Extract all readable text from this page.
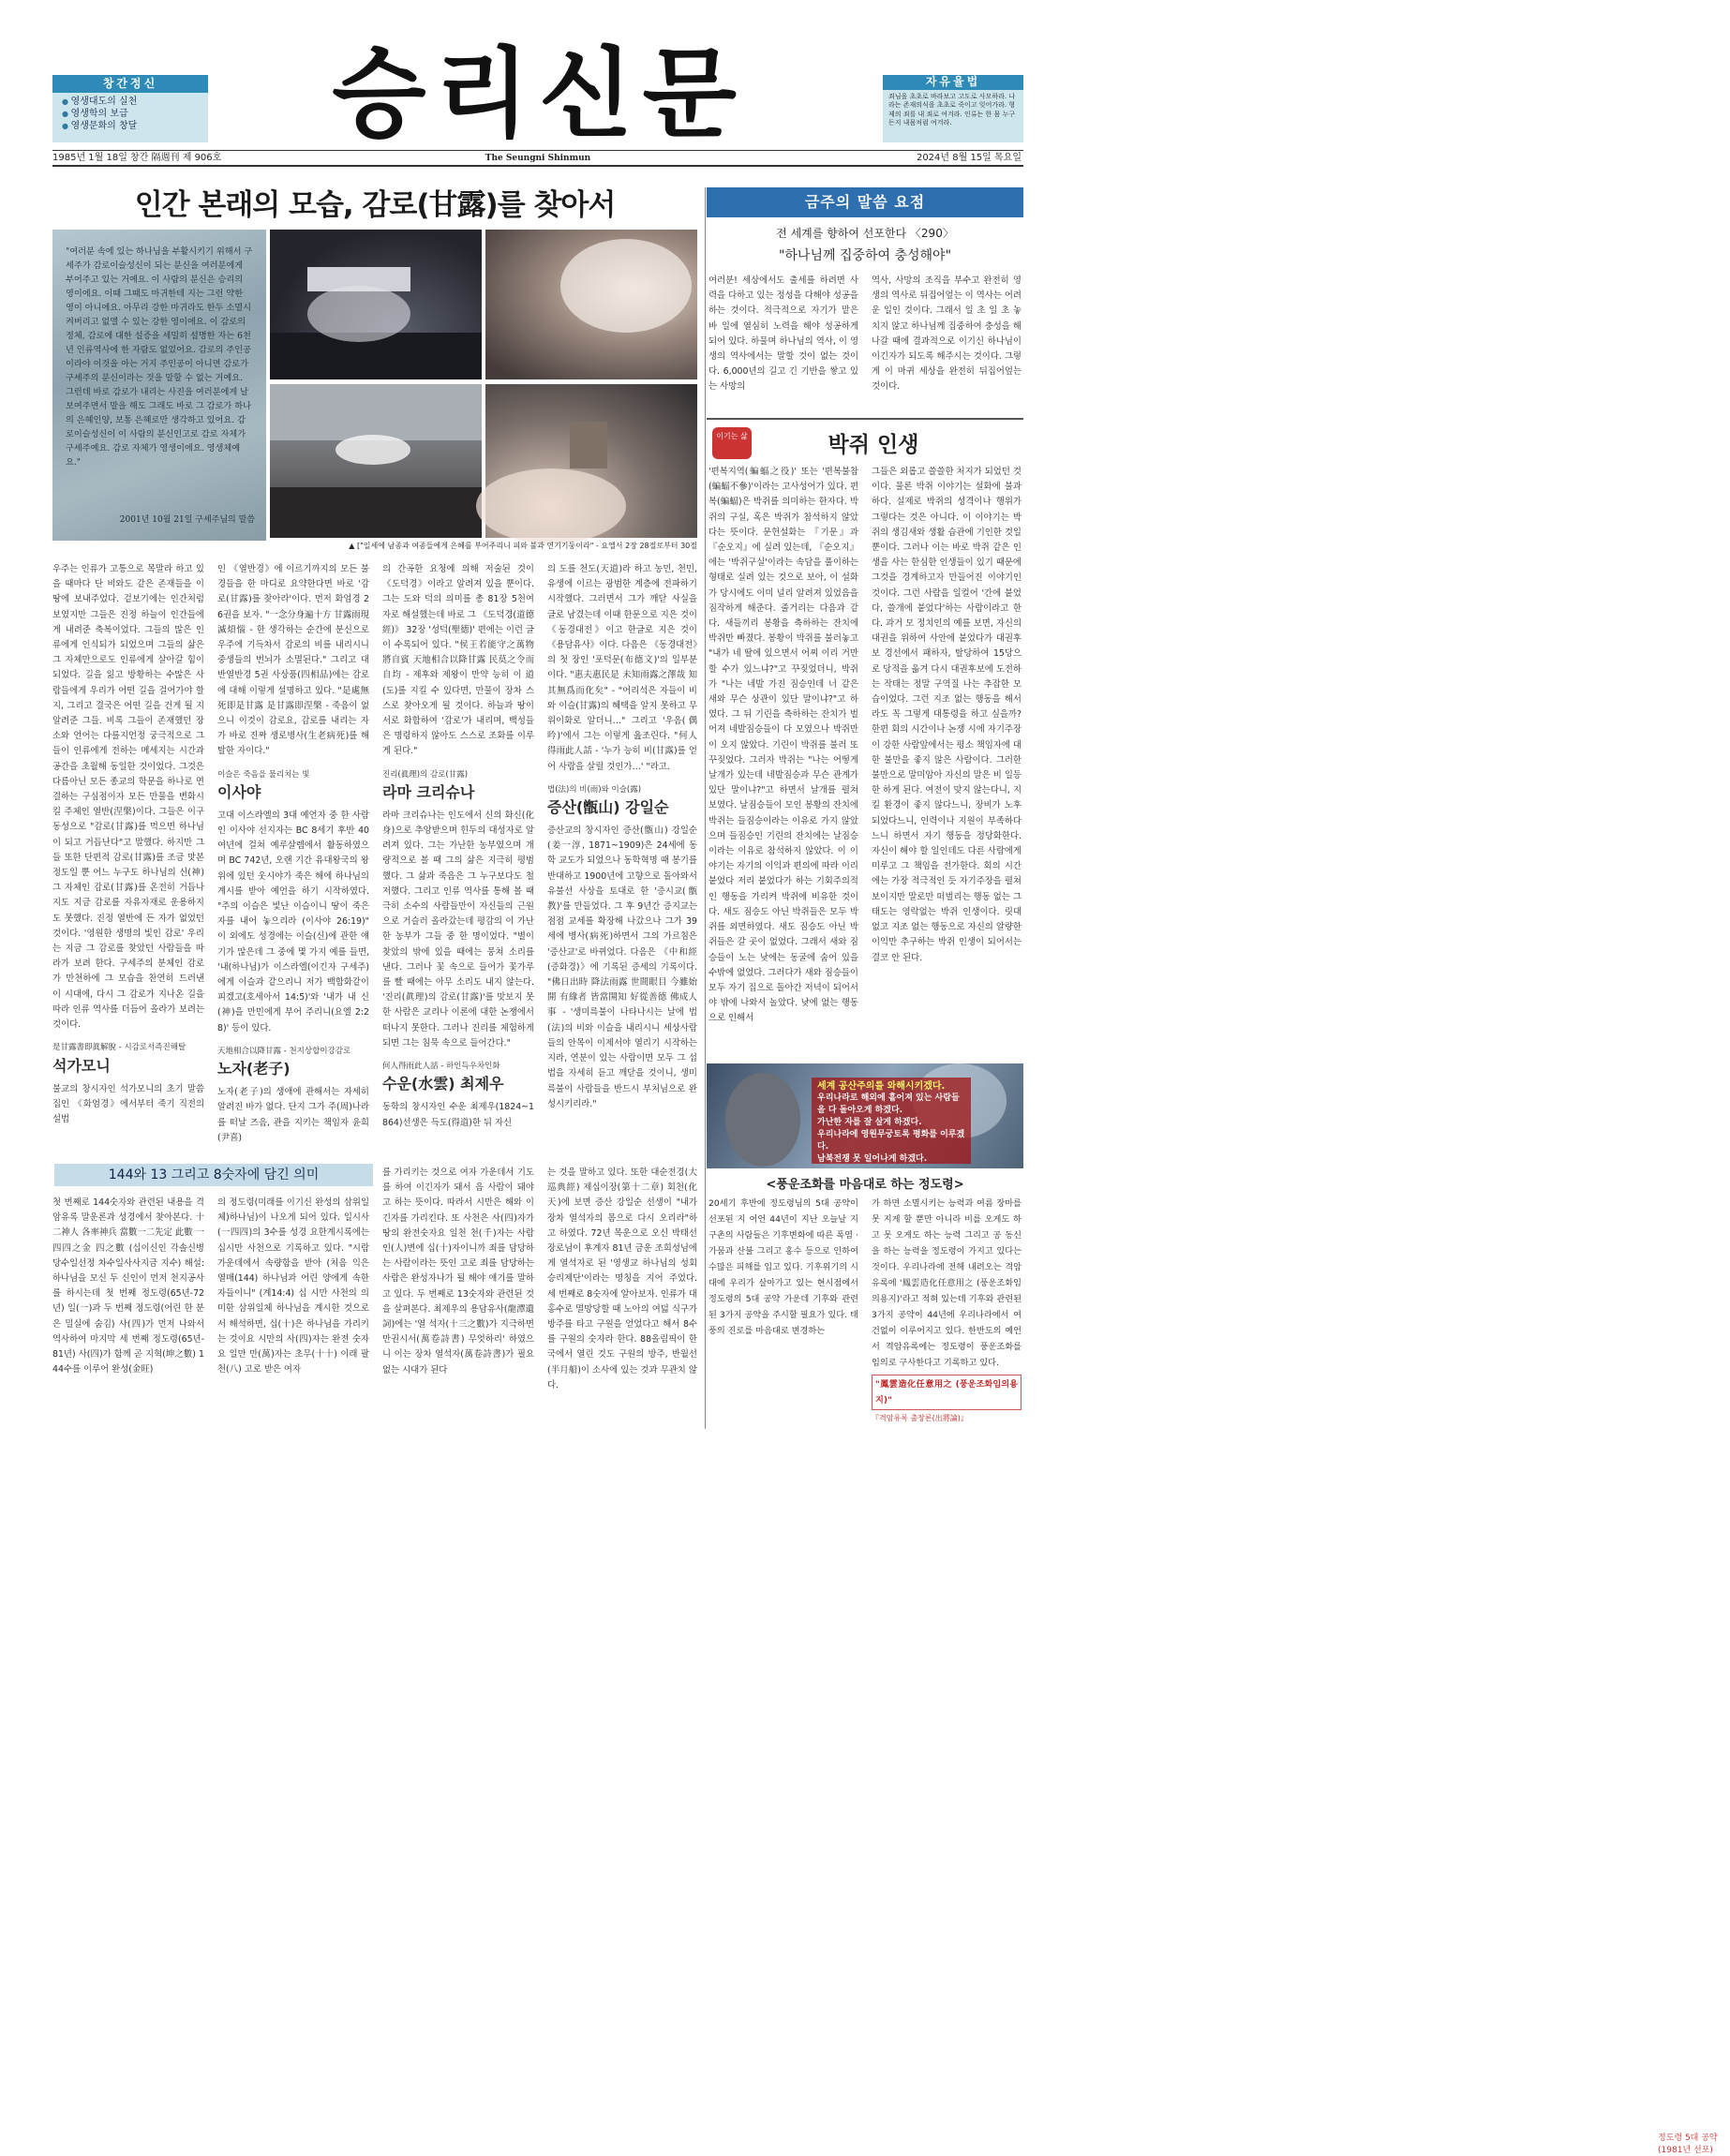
창간정신
● 영생대도의 실천
● 영생학의 보급
● 영생문화의 창달	승리신문	자유율법
죄님을 초초로 바라보고 고도로 사모하라. 나라는 존재의식을 초초로 죽이고 잊어가라. 형제의 죄를 내 죄로 여겨라. 인류는 한 몸 누구든지 내몸처럼 여겨라.
1985년 1월 18일 창간 隔週刊 제 906호	The Seungni Shinmun	2024년 8월 15일 목요일
인간 본래의 모습, 감로(甘露)를 찾아서
"여러분 속에 있는 하나님을 부활시키기 위해서 구세주가 감로이슬성신이 되는 분신을 여러분에게 부어주고 있는 거예요. 이 사람의 분신은 승리의 영이에요. 이때 그때도 마귀한테 지는 그런 약한 영이 아니에요. 아무리 강한 마귀라도 한두 소멸시켜버리고 없앨 수 있는 강한 영이에요. 이 감로의 정체, 감로에 대한 설증을 세밀히 설명한 자는 6천년 인류역사에 한 자람도 없었어요. 감로의 주인공이라야 이것을 아는 거지 주인공이 아니면 감로가 구세주의 분신이라는 것을 말할 수 없는 거예요. 그런데 바로 감로가 내리는 사진을 여러분에게 날 보여주면서 말을 해도 그래도 바로 그 감로가 하나의 은혜인양, 보통 은혜로만 생각하고 있어요. 감로이슬성신이 이 사람의 분신인고로 감로 자체가 구세주예요. 감로 자체가 영생이에요. 영생체예요."
2001년 10월 21일 구세주님의 말씀
▲ ["일세에 남종과 여종들에게 은혜를 부어주리니 피와 불과 연기기둥이라" - 요엘서 2장 28절로부터 30절
우주는 인류가 고통으로 목말라 하고 있을 때마다 단 비와도 같은 존재들을 이 땅에 보내주었다. 겉보기에는 인간처럼 보였지만 그들은 진정 하늘이 인간들에게 내려준 축복이었다. 그들의 많은 인류에게 인식되가 되었으며 그들의 삶은 그 자체만으로도 인류에게 살아갈 힘이 되었다. 길을 잃고 방황하는 수많은 사람들에게 우리가 어떤 길을 걸어가야 할 지, 그리고 결국은 어떤 길을 건게 될 지 알려준 그들. 비록 그들이 존재했던 장소와 언어는 다를지언정 궁극적으로 그들이 인류에게 전하는 메세지는 시간과 공간을 초월해 동일한 것이었다. 그것은 다름아닌 모든 종교의 학문을 하나로 연결하는 구심점이자 모든 만물을 변화시킬 주체인 열반(涅槃)이다. 그들은 이구동성으로 "감로(甘露)를 먹으면 하나님이 되고 거듭난다"고 말했다. 하지만 그들 또한 단편적 감로(甘露)를 조금 맛본 정도일 뿐 어느 누구도 하나님의 신(神) 그 자체인 감로(甘露)를 온전히 거듭나지도 지금 감로를 자유자재로 운용하지도 못했다. 진정 열반에 든 자가 없었던 것이다. '영원한 생명의 빛인 감로' 우리는 지금 그 감로를 찾았던 사람들을 따라가 보려 한다. 구세주의 분체인 감로가 만천하에 그 모습을 찬연히 드러낸 이 시대에, 다시 그 감로가 지나온 길을 따라 인류 역사를 더듬어 올라가 보려는 것이다.
是甘露書即眞解脫 - 시감로서즉진해탈
석가모니
불교의 창시자인 석가모니의 초기 말씀집인 《화엄경》에서부터 죽기 직전의 설법
인 《열반경》에 이르기까지의 모든 불경들을 한 마디로 요약한다면 바로 '감로(甘露)를 찾아라'이다. 먼저 화엄경 26권을 보자. "一念分身遍十方 甘露雨現滅煩惱 - 한 생각하는 순간에 분신으로 우주에 기득차서 감로의 비를 내리시니 중생들의 번뇌가 소멸된다." 그리고 대반열반경 5권 사상품(四相品)에는 감로에 대해 이렇게 설명하고 있다. "是處無死即是甘露 是甘露即涅槃 - 죽음이 없으니 이것이 감로요, 감로를 내리는 자가 바로 진짜 생로병사(生老病死)를 해탈한 자이다."
이슬은 죽음을 물리치는 빛
이사야
고대 이스라엘의 3대 예언자 중 한 사람인 이사야 선지자는 BC 8세기 후반 40여년에 걸쳐 예루살렘에서 활동하였으며 BC 742년, 오랜 기간 유대왕국의 왕위에 있던 웃시야가 죽은 해에 하나님의 계시를 받아 예언을 하기 시작하였다. "주의 이슬은 빛난 이슬이니 땅이 죽은 자를 내어 놓으리라 (이사야 26:19)" 이 외에도 성경에는 이슬(신)에 관한 얘기가 많은데 그 중에 몇 가지 예를 들면, '내(하나님)가 이스라엘(이긴자 구세주)에게 이슬과 같으리니 저가 백합화같이 피겠고(호세아서 14:5)'와 '내가 내 신(神)을 만민에게 부어 주리니(요엘 2:28)' 등이 있다.
天地相合以降甘露 - 천지상합이강감로
노자(老子)
노자(老子)의 생애에 관해서는 자세히 알려진 바가 없다. 단지 그가 주(周)나라를 떠날 즈음, 관을 지키는 책임자 윤희(尹喜)
의 간곡한 요청에 의해 저술된 것이 《도덕경》이라고 알려져 있을 뿐이다. 그는 도와 덕의 의미를 총 81장 5천여 자로 해설했는데 바로 그 《도덕경(道德經)》 32장 '성덕(聖德)' 편에는 이런 글이 수록되어 있다. "侯王若能守之萬物將自賓 天地相合以降甘露 民莫之令而自均 - 제후와 제왕이 만약 능히 이 道(도)를 지킬 수 있다면, 만물이 장차 스스로 찾아오게 될 것이다. 하늘과 땅이 서로 화합하여 '감로'가 내리며, 백성들은 명령하지 않아도 스스로 조화를 이루게 된다."
진리(眞理)의 감로(甘露)
라마 크리슈나
라마 크리슈나는 인도에서 신의 화신(化身)으로 추앙받으며 힌두의 대성자로 알려져 있다. 그는 가난한 농부였으며 개량적으로 볼 때 그의 삶은 지극히 평범했다. 그 삶과 죽음은 그 누구보다도 철저했다. 그리고 인류 역사를 통해 볼 때 극히 소수의 사람들만이 자신들의 근원으로 거슬러 올라갔는데 평감의 이 가난한 농부가 그들 중 한 명이었다. "별이 찾았의 밖에 있을 때에는 뭉쳐 소리를 낸다. 그러나 꽃 속으로 들어가 꽃가루를 빨 때에는 아무 소리도 내지 않는다. '진리(眞理)의 감로(甘露)'를 맛보지 못한 사람은 교리나 이론에 대한 논쟁에서 떠나지 못한다. 그러나 진리를 체험하게 되면 그는 침묵 속으로 들어간다."
何人得雨此人話 - 하인득우차인화
수운(水雲) 최제우
동학의 창시자인 수운 최제우(1824~1864)선생은 득도(得道)한 뒤 자신
의 도를 천도(天道)라 하고 농민, 천민, 유생에 이르는 광범한 계층에 전파하기 시작했다. 그러면서 그가 깨닫 사실을 글로 남겼는데 이때 한문으로 지은 것이 《동경대전》이고 한글로 지은 것이 《용담유사》이다. 다음은 《동경대전》의 첫 장인 '포덕문(布德文)'의 일부분이다. "惠夫惠民是 未知雨露之澤哉 知其無爲而化矣" - "어리석은 자들이 비와 이슬(甘露)의 혜택을 알지 못하고 무위이화로 알더니…" 그리고 '우음(偶吟)'에서 그는 이렇게 읊조린다. "何人得雨此人話 - '누가 능히 비(甘露)를 얻어 사람을 살릴 것인가…' "라고.
법(法)의 비(雨)와 이슬(露)
증산(甑山) 강일순
증산교의 창시자인 증산(甑山) 강일순(姜一淳, 1871~1909)은 24세에 동학 교도가 되었으나 동학혁명 때 봉기를 반대하고 1900년에 고향으로 돌아와서 유불선 사상을 토대로 한 '증시교(甑教)'를 만들었다. 그 후 9년간 증지교는 점점 교세를 확장해 나갔으나 그가 39세에 병사(病死)하면서 그의 가르침은 '증산교'로 바뀌었다. 다음은 《中和經(증화경)》에 기록된 증세의 기록이다. "佛日出時 降法雨露 世間眼目 今雖始開 有緣者 皆當開知 好從善德 佛成人事 - '생미륵불이 나타나시는 날에 법(法)의 비와 이슬을 내리시니 세상사람들의 안목이 이제서야 열리기 시작하는지라, 연분이 있는 사람이면 모두 그 섭법을 자세히 듣고 깨닫을 것이니, 생미륵불이 사람들을 반드시 부처님으로 완성시키리라."
금주의 말씀 요점
전 세계를 향하여 선포한다 〈290〉
"하나님께 집중하여 충성해야"
여러분! 세상에서도 출세를 하려면 사력을 다하고 있는 정성을 다해야 성공을 하는 것이다. 적극적으로 자기가 맡은 바 일에 열심히 노력을 해야 성공하게 되어 있다. 하물며 하나님의 역사, 이 영생의 역사에서는 말할 것이 없는 것이다. 6,000년의 길고 긴 기반을 쌓고 있는 사망의
역사, 사망의 조직을 부수고 완전히 영생의 역사로 뒤집어엎는 이 역사는 어려운 일인 것이다. 그래서 일 초 일 초 놓치지 않고 하나님께 집중하여 충성을 해 나갈 때에 결과적으로 이기신 하나님이 이긴자가 되도록 해주시는 것이다. 그렇게 이 마귀 세상을 완전히 뒤집어엎는 것이다.
이기는 삶	박쥐 인생
'편복지역(蝙蝠之役)' 또는 '편복불참(蝙蝠不參)'이라는 고사성어가 있다. 편복(蝙蝠)은 박쥐를 의미하는 한자다. 박쥐의 구실, 혹은 박쥐가 참석하지 않았다는 뜻이다. 문헌설화는 『기문』과 『순오지』에 실려 있는데, 『순오지』에는 '박쥐구실'이라는 속담을 풀이하는 형태로 실려 있는 것으로 보아, 이 설화가 당시에도 이미 널리 알려져 있었음을 짐작하게 해준다. 줄거리는 다음과 같다. 새들끼리 봉황을 축하하는 잔치에 박쥐만 빠졌다. 봉황이 박쥐를 불러놓고 "내가 네 딸에 있으면서 어찌 이리 거만할 수가 있느냐?"고 꾸짖었더니, 박쥐가 "나는 네발 가진 짐승인데 너 같은 새와 무슨 상관이 있단 말이냐?"고 하였다. 그 뒤 기린을 축하하는 잔치가 벌어져 네발짐승들이 다 모였으나 박쥐만이 오지 않았다. 기린이 박쥐를 불러 또 꾸짖었다. 그러자 박쥐는 "나는 어떻게 날개가 있는데 네발짐승과 무슨 관계가 있단 말이냐?"고 하면서 날개를 펼쳐 보였다. 날짐승들이 모인 봉황의 잔치에 박쥐는 들짐승이라는 이유로 가지 않았으며 들짐승인 기린의 잔치에는 날짐승이라는 이유로 참석하지 않았다. 이 이야기는 자기의 이익과 편의에 따라 이리 붙었다 저리 붙었다가 하는 기회주의적인 행동을 가리켜 박쥐에 비유한 것이다. 새도 짐승도 아닌 박쥐들은 모두 박쥐를 외면하였다. 새도 짐승도 아닌 박쥐들은 갈 곳이 없었다. 그래서 새와 짐승들이 노는 낮에는 동굴에 숨어 있을 수밖에 없었다. 그러다가 새와 짐승들이 모두 자기 집으로 돌아간 저녁이 되어서야 밖에 나와서 놀았다. 낮에 없는 행동으로 인해서
그들은 외롭고 쓸쓸한 처지가 되었던 것이다. 물론 박쥐 이야기는 설화에 불과하다. 실제로 박쥐의 성격이나 행위가 그렇다는 것은 아니다. 이 이야기는 박쥐의 생김새와 생활 습관에 기인한 것일 뿐이다. 그러나 이는 바로 박쥐 같은 인생을 사는 한심한 인생들이 있기 때문에 그것을 경계하고자 만들어진 이야기인 것이다. 그런 사람을 일컬어 '간에 붙었다, 쓸개에 붙었다'하는 사람이라고 한다. 과거 모 정치인의 예를 보면, 자신의 대권을 위하여 사안에 붙었다가 대권후보 경선에서 패하자, 탈당하여 15당으로 당적을 옮겨 다시 대권후보에 도전하는 작태는 정말 구역질 나는 추잡한 모습이었다. 그런 지조 없는 행동을 해서라도 꼭 그렇게 대통령을 하고 싶을까? 한편 회의 시간이나 논쟁 시에 자기주장이 강한 사람앞에서는 평소 책임자에 대한 불만을 좋지 않은 사람이다. 그러한 불만으로 말미암아 자신의 말은 비 일등한 하게 된다. 여전이 맞지 않는다니, 지킬 환경이 좋지 않다느니, 장비가 노후되었다느니, 인력이나 지원이 부족하다느니 하면서 자기 행동을 정당화한다. 자신이 해야 할 일인데도 다른 사람에게 미루고 그 책임을 전가한다. 회의 시간에는 가장 적극적인 듯 자기주장을 펼쳐 보이지만 말로만 떠벌리는 행동 없는 그 태도는 영락없는 박쥐 인생이다. 릿대 없고 지조 없는 행동으로 자신의 알량한 이익만 추구하는 박쥐 인생이 되어서는 결코 안 된다.
정도령 5대 공약 (1981년 선포)
세계 공산주의를 와해시키겠다.
우리나라로 해외에 흩어져 있는 사람들을 다 돌아오게 하겠다.
가난한 자를 잘 살게 하겠다.
우리나라에 영원무궁토록 평화를 이루겠다.
남북전쟁 못 일어나게 하겠다.
<풍운조화를 마음대로 하는 정도령>
20세기 후반에 정도령님의 5대 공약이 선포된 지 어언 44년이 지난 오늘날 지구촌의 사람들은 기후변화에 따른 폭염 · 가뭄과 산불 그리고 홍수 등으로 인하여 수많은 피해를 입고 있다. 기후위기의 시대에 우리가 살아가고 있는 현시점에서 정도령의 5대 공약 가운데 기후와 관련된 3가지 공약을 주시할 필요가 있다. 태풍의 진로를 마음대로 변경하는
가 하면 소멸시키는 능력과 여름 장마를 못 지게 할 뿐만 아니라 비를 오게도 하고 못 오게도 하는 능력 그리고 공 동신을 하는 능력을 정도령이 가지고 있다는 것이다. 우리나라에 전해 내려오는 격암유록에 '鳳雲造化任意用之 (풍운조화임의용지)'라고 적혀 있는데 기후와 관련된 3가지 공약이 44년에 우리나라에서 여건없이 이루어지고 있다. 한반도의 예언서 격암유록에는 정도령이 풍운조화를 임의로 구사한다고 기록하고 있다.
"鳳雲造化任意用之 (풍운조화임의용지)"
『격암유록 출장론(出將論)』
144와 13 그리고 8숫자에 담긴 의미
첫 번째로 144숫자와 관련된 내용을 격암유록 말운론과 성경에서 찾아본다. 十二神人 各率神兵 當數一二先定 此數 一四四之金 四之數 (십이신인 각솔신병 당수일선정 차수일사사지금 지수) 해설: 하나님을 모신 두 신인이 먼저 천지공사를 하시는데 첫 번째 정도령(65년-72년) 일(一)과 두 번째 정도령(어린 한 분은 밀실에 숨김) 사(四)가 먼저 나와서 역사하여 마지막 세 번째 정도령(65년-81년) 사(四)가 함께 곧 지혁(坤之數) 144수를 이루어 완성(金旺)
의 정도령(미래를 이기신 완성의 삼위일체)하나님)이 나오게 되어 있다. 일시사(一四四)의 3수를 성경 요한계시록에는 십시만 사천으로 기록하고 있다. "시람 가운데에서 속량함을 받아 (처음 익은 열매(144) 하나님과 어린 양에게 속한 자들이니" (계14:4) 십 시만 사천의 의미한 삼위일체 하나님을 계시한 것으로서 해석하면, 십(十)은 하나님을 가리키는 것이요 시만의 사(四)자는 완전 숫자요 일만 만(萬)자는 초무(十十) 이래 팔 천(八) 고로 받은 여자
를 가리키는 것으로 여자 가운데서 기도를 하여 이긴자가 돼서 음 사람이 돼야 고 하는 뜻이다. 따라서 시만은 해와 이긴자를 가리킨다. 또 사천은 사(四)자가 땅의 완전숫자요 일천 천(千)자는 사람 인(人)변에 십(十)자이니까 죄를 담당하는 사람이라는 뜻인 고로 죄를 담당하는 사람은 완성자나가 될 해야 얘기를 말하고 있다. 두 번째로 13숫자와 관련된 것을 살펴본다. 최제우의 용담유사(龍潭遺詞)에는 '열 석자(十三之數)가 지극하면 만권시서(萬卷詩書) 무엇하리' 하였으니 이는 장차 열석자(萬卷詩書)가 필요 없는 시대가 된다
는 것을 말하고 있다. 또한 대순전경(大巡典經) 제십이장(第十二章) 회천(化天)에 보면 증산 강일순 선생이 "내가 장차 열석자의 몸으로 다시 오리라"하고 하였다. 72년 목운으로 오신 박태선 장로님이 후계자 81년 금운 조희성님에게 열석자로 된 '영생교 하나님의 성회 승리제단'이라는 명칭을 지어 주었다. 세 번째로 8숫자에 알아보자. 인류가 대홍수로 멸망당할 때 노아의 여덟 식구가 방주를 타고 구원을 얻었다고 해서 8수를 구원의 숫자라 한다. 88올림픽이 한국에서 열린 것도 구원의 방주, 반월선(半月船)이 소사에 있는 것과 무관치 않다.
